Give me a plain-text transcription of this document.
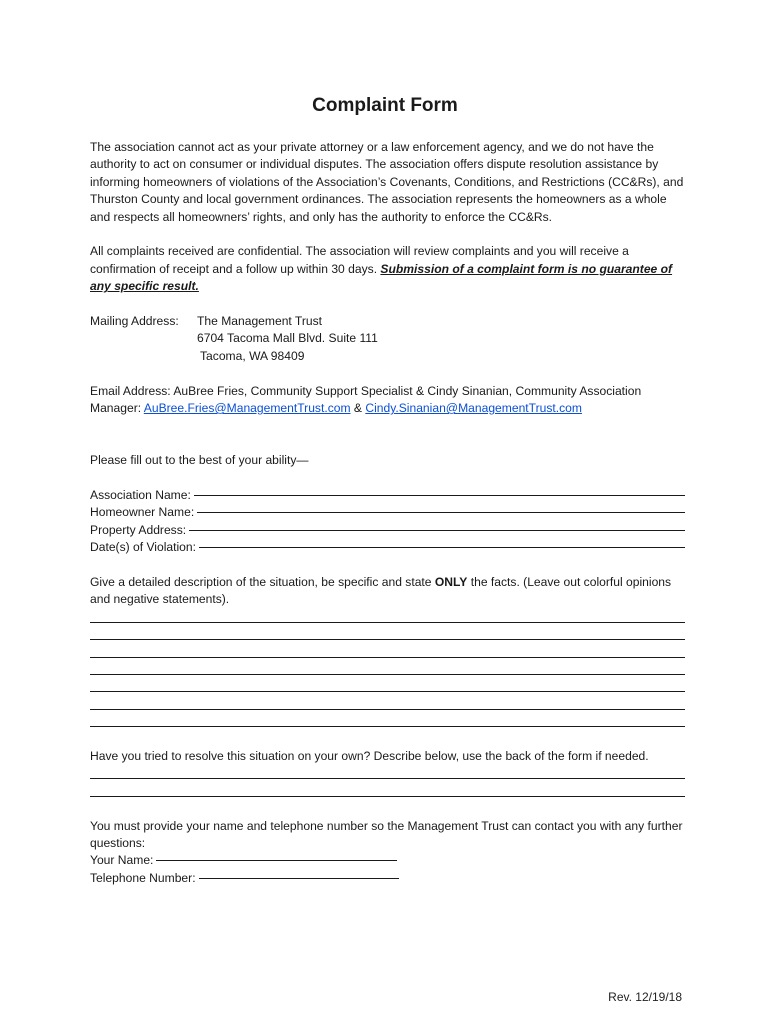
Complaint Form

The association cannot act as your private attorney or a law enforcement agency, and we do not have the authority to act on consumer or individual disputes. The association offers dispute resolution assistance by informing homeowners of violations of the Association’s Covenants, Conditions, and Restrictions (CC&Rs), and Thurston County and local government ordinances. The association represents the homeowners as a whole and respects all homeowners’ rights, and only has the authority to enforce the CC&Rs.

All complaints received are confidential. The association will review complaints and you will receive a confirmation of receipt and a follow up within 30 days. Submission of a complaint form is no guarantee of any specific result.

Mailing Address:	The Management Trust
6704 Tacoma Mall Blvd. Suite 111
Tacoma, WA 98409

Email Address: AuBree Fries, Community Support Specialist & Cindy Sinanian, Community Association Manager: AuBree.Fries@ManagementTrust.com & Cindy.Sinanian@ManagementTrust.com

Please fill out to the best of your ability—

Association Name:
Homeowner Name:
Property Address:
Date(s) of Violation:

Give a detailed description of the situation, be specific and state ONLY the facts. (Leave out colorful opinions and negative statements).

Have you tried to resolve this situation on your own? Describe below, use the back of the form if needed.

You must provide your name and telephone number so the Management Trust can contact you with any further questions:

Your Name:
Telephone Number:
Rev. 12/19/18
